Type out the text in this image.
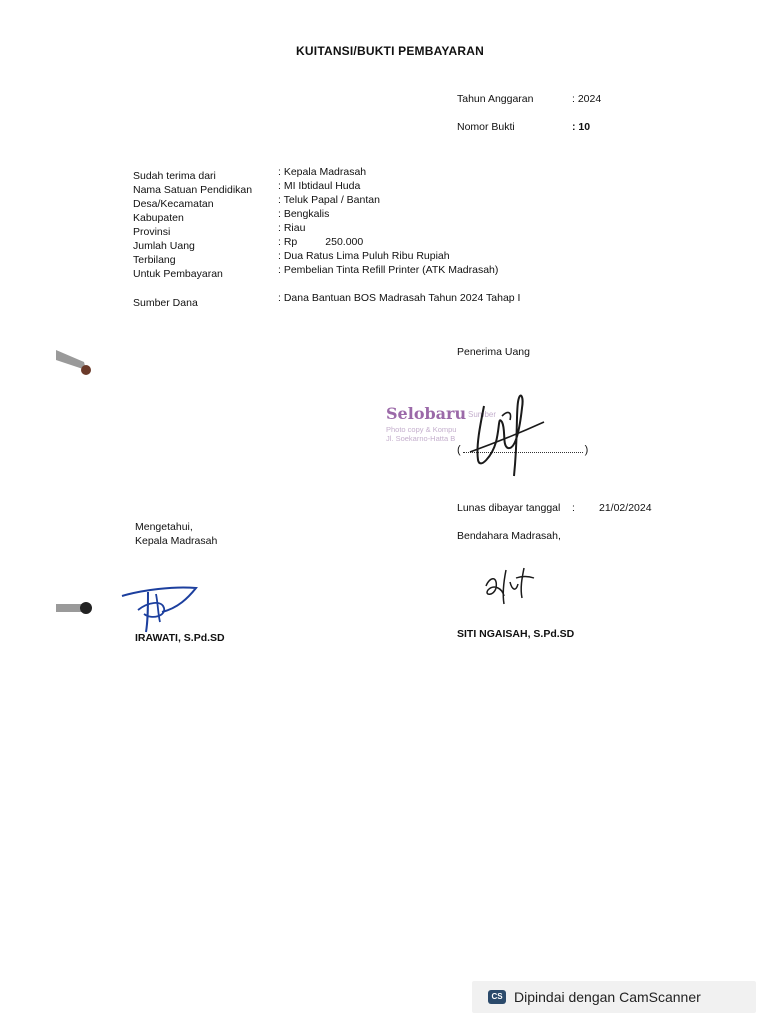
KUITANSI/BUKTI PEMBAYARAN
Tahun Anggaran	: 2024
Nomor Bukti	: 10
Sudah terima dari	: Kepala Madrasah
Nama Satuan Pendidikan : MI Ibtidaul Huda
Desa/Kecamatan	: Teluk Papal / Bantan
Kabupaten	: Bengkalis
Provinsi	: Riau
Jumlah Uang	: Rp	250.000
Terbilang	: Dua Ratus Lima Puluh Ribu Rupiah
Untuk Pembayaran	: Pembelian Tinta Refill Printer (ATK Madrasah)
Sumber Dana	: Dana Bantuan BOS Madrasah Tahun 2024 Tahap I
Penerima Uang
Selobaru Sumber
Photo copy & Kompu
Jl. Soekarno-Hatta B
(	)
Lunas dibayar tanggal : 21/02/2024
Mengetahui,
Kepala Madrasah
IRAWATI, S.Pd.SD
Bendahara Madrasah,
SITI NGAISAH, S.Pd.SD
CS Dipindai dengan CamScanner
